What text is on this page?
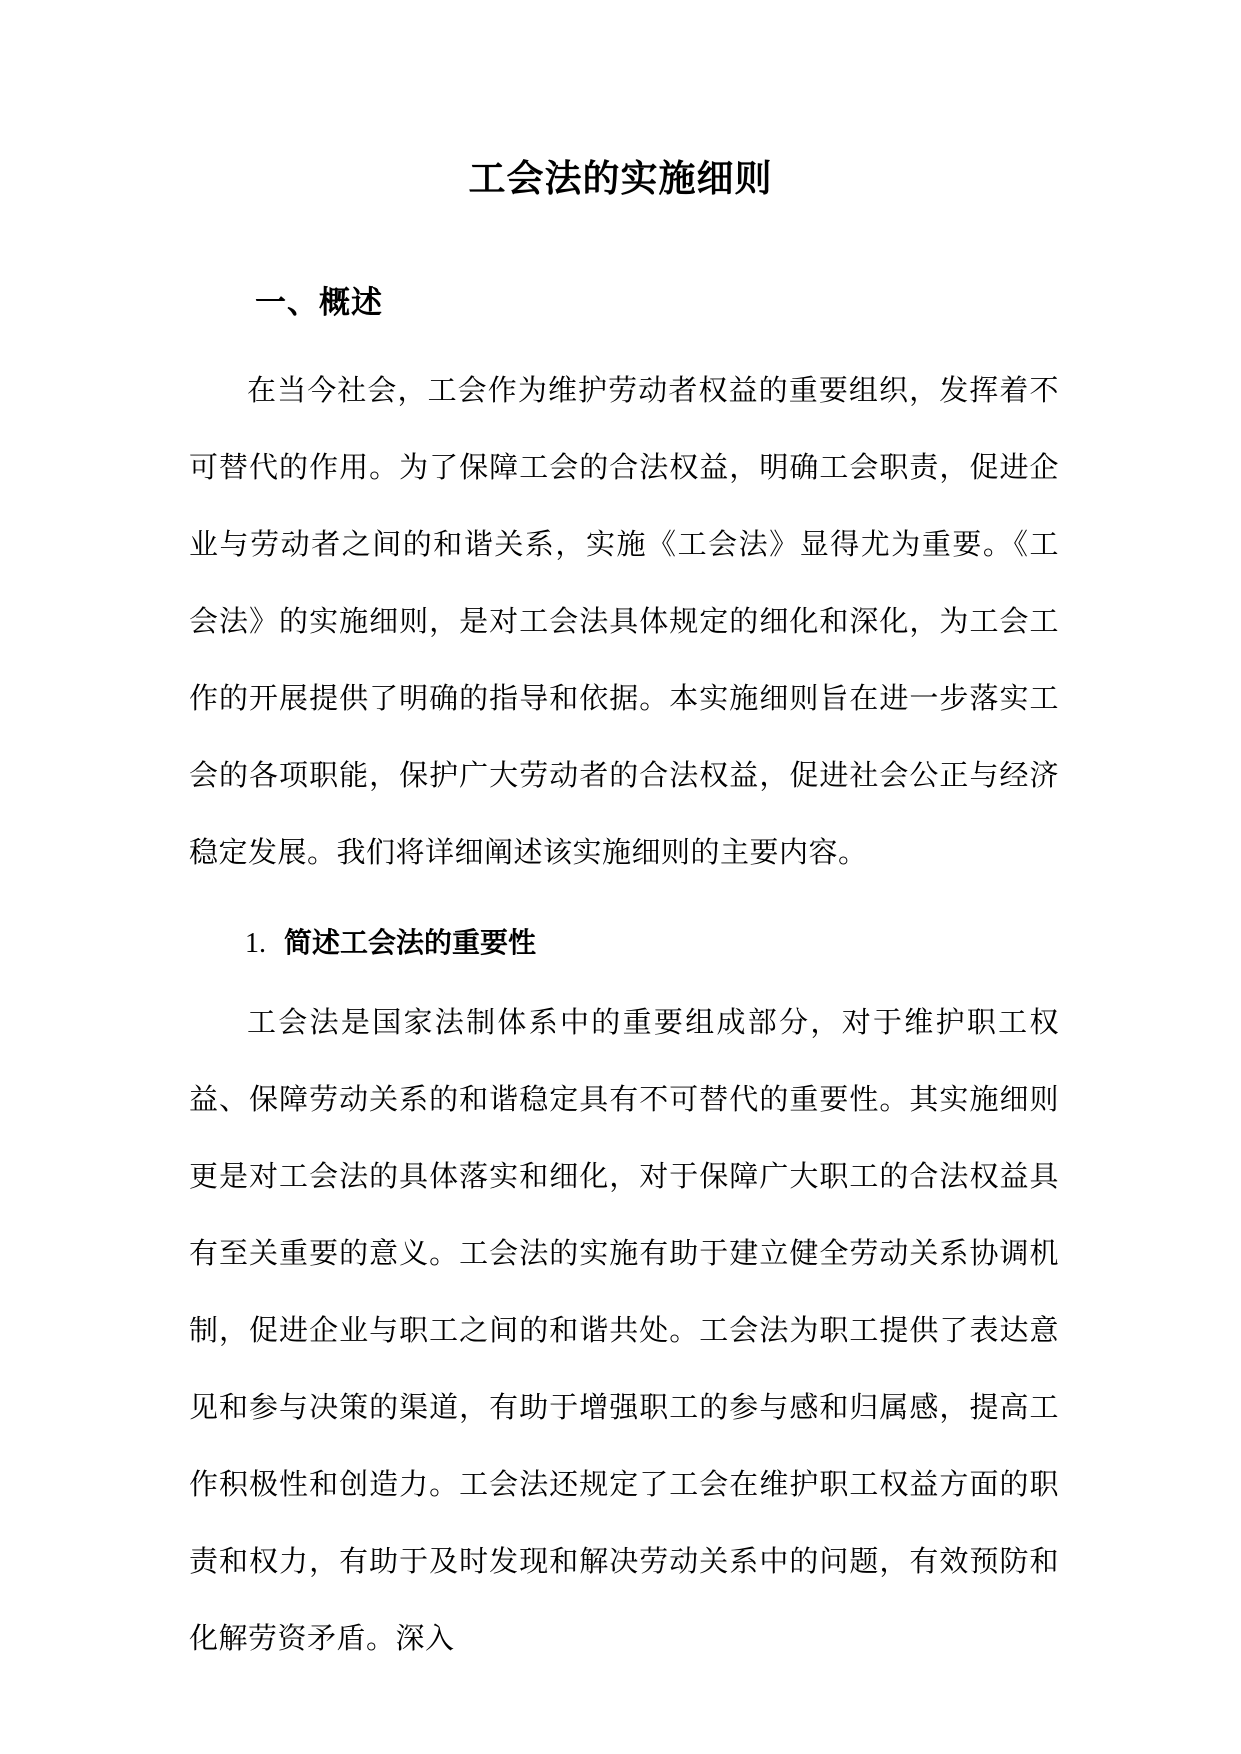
工会法的实施细则
一、概述

在当今社会，工会作为维护劳动者权益的重要组织，发挥着不可替代的作用。为了保障工会的合法权益，明确工会职责，促进企业与劳动者之间的和谐关系，实施《工会法》显得尤为重要。《工会法》的实施细则，是对工会法具体规定的细化和深化，为工会工作的开展提供了明确的指导和依据。本实施细则旨在进一步落实工会的各项职能，保护广大劳动者的合法权益，促进社会公正与经济稳定发展。我们将详细阐述该实施细则的主要内容。

1. 简述工会法的重要性

工会法是国家法制体系中的重要组成部分，对于维护职工权益、保障劳动关系的和谐稳定具有不可替代的重要性。其实施细则更是对工会法的具体落实和细化，对于保障广大职工的合法权益具有至关重要的意义。工会法的实施有助于建立健全劳动关系协调机制，促进企业与职工之间的和谐共处。工会法为职工提供了表达意见和参与决策的渠道，有助于增强职工的参与感和归属感，提高工作积极性和创造力。工会法还规定了工会在维护职工权益方面的职责和权力，有助于及时发现和解决劳动关系中的问题，有效预防和化解劳资矛盾。深入
